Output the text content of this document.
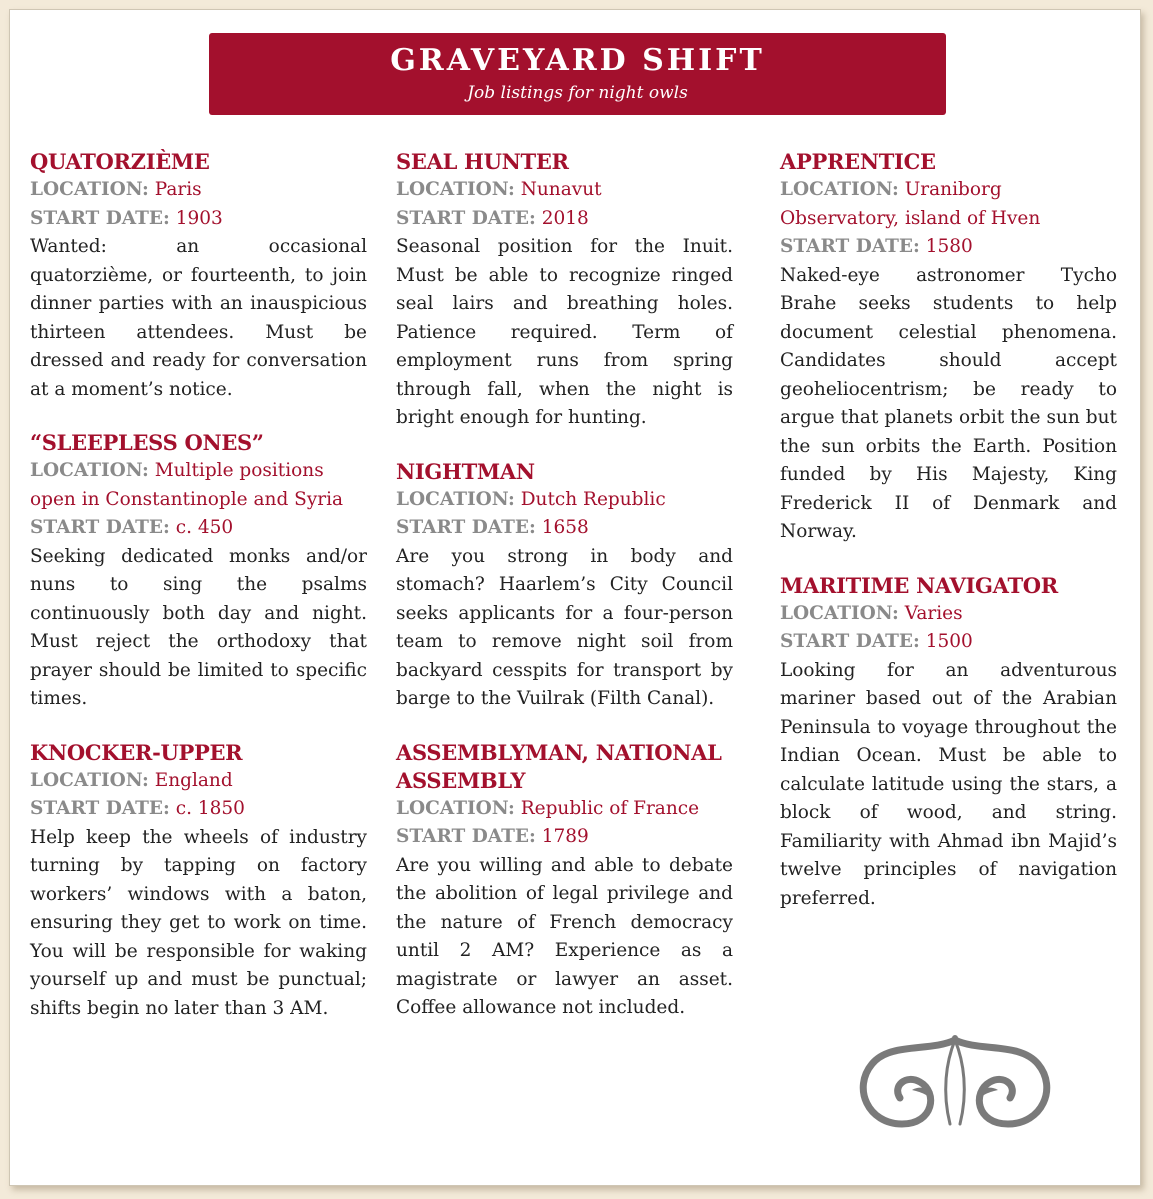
GRAVEYARD SHIFT
Job listings for night owls
QUATORZIÈME
LOCATION: Paris
START DATE: 1903
Wanted: an occasional quatorzième, or fourteenth, to join dinner parties with an inauspicious thirteen attendees. Must be dressed and ready for conversation at a moment’s notice.
“SLEEPLESS ONES”
LOCATION: Multiple positions open in Constantinople and Syria
START DATE: c. 450
Seeking dedicated monks and/or nuns to sing the psalms continuously both day and night. Must reject the orthodoxy that prayer should be limited to specific times.
KNOCKER-UPPER
LOCATION: England
START DATE: c. 1850
Help keep the wheels of industry turning by tapping on factory workers’ windows with a baton, ensuring they get to work on time. You will be responsible for waking yourself up and must be punctual; shifts begin no later than 3 AM.
SEAL HUNTER
LOCATION: Nunavut
START DATE: 2018
Seasonal position for the Inuit. Must be able to recognize ringed seal lairs and breathing holes. Patience required. Term of employment runs from spring through fall, when the night is bright enough for hunting.
NIGHTMAN
LOCATION: Dutch Republic
START DATE: 1658
Are you strong in body and stomach? Haarlem’s City Council seeks applicants for a four-person team to remove night soil from backyard cesspits for transport by barge to the Vuilrak (Filth Canal).
ASSEMBLYMAN, NATIONAL ASSEMBLY
LOCATION: Republic of France
START DATE: 1789
Are you willing and able to debate the abolition of legal privilege and the nature of French democracy until 2 AM? Experience as a magistrate or lawyer an asset. Coffee allowance not included.
APPRENTICE
LOCATION: Uraniborg Observatory, island of Hven
START DATE: 1580
Naked-eye astronomer Tycho Brahe seeks students to help document celestial phenomena. Candidates should accept geoheliocentrism; be ready to argue that planets orbit the sun but the sun orbits the Earth. Position funded by His Majesty, King Frederick II of Denmark and Norway.
MARITIME NAVIGATOR
LOCATION: Varies
START DATE: 1500
Looking for an adventurous mariner based out of the Arabian Peninsula to voyage throughout the Indian Ocean. Must be able to calculate latitude using the stars, a block of wood, and string. Familiarity with Ahmad ibn Majid’s twelve principles of navigation preferred.
